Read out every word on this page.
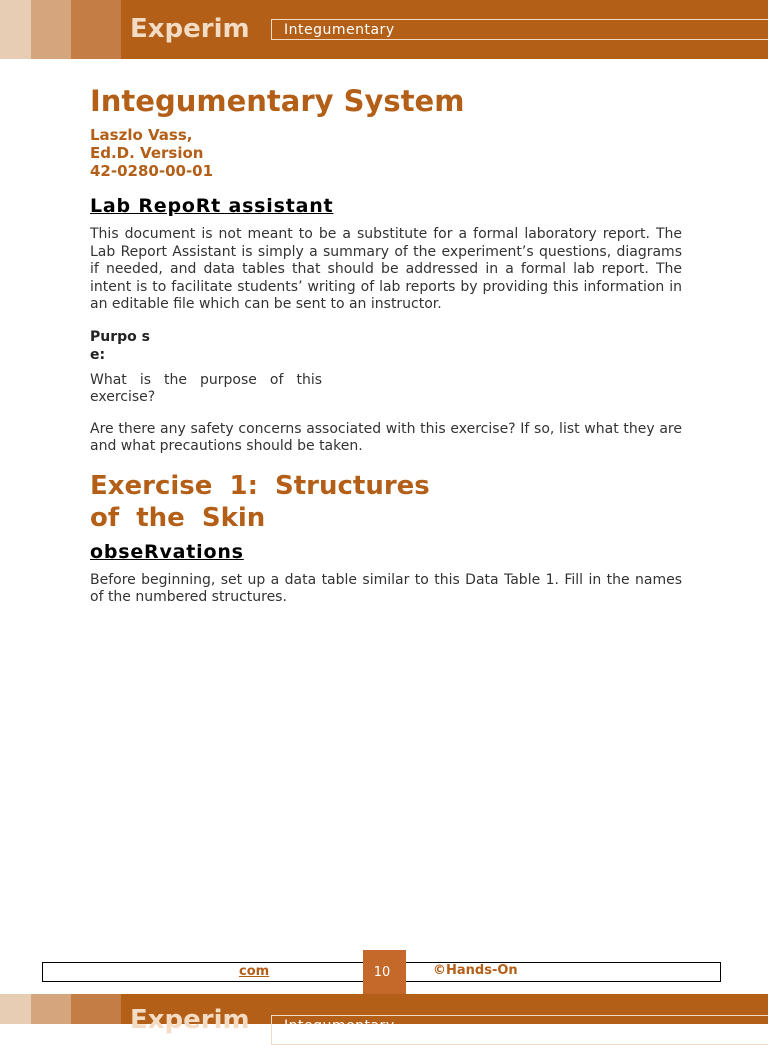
Experim	Integumentary
Integumentary System
Laszlo Vass,
Ed.D. Version
42-0280-00-01
Lab RepoRt assistant

This document is not meant to be a substitute for a formal laboratory report. The Lab Report Assistant is simply a summary of the experiment’s questions, diagrams if needed, and data tables that should be addressed in a formal lab report. The intent is to facilitate students’ writing of lab reports by providing this information in an editable file which can be sent to an instructor.

Purpo se:

What is the purpose of this exercise?

Are there any safety concerns associated with this exercise? If so, list what they are and what precautions should be taken.

Exercise 1: Structures of the Skin
obseRvations

Before beginning, set up a data table similar to this Data Table 1. Fill in the names of the numbered structures.

com	10	©Hands-On
Experim	Integumentary
